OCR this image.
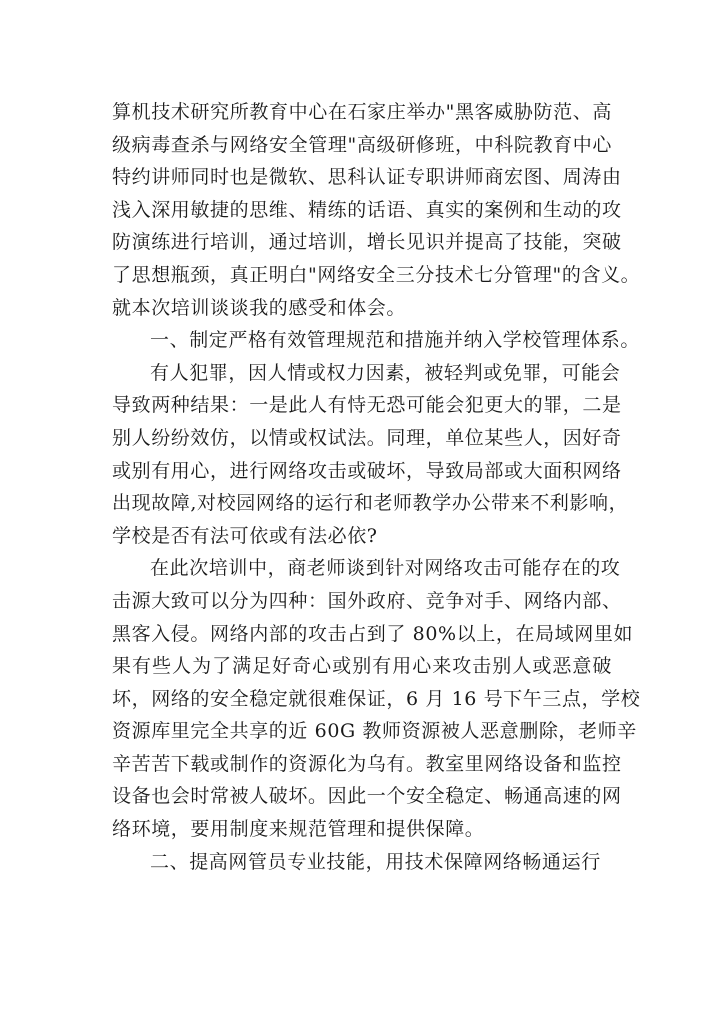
算机技术研究所教育中心在石家庄举办"黑客威胁防范、高
级病毒查杀与网络安全管理"高级研修班，中科院教育中心
特约讲师同时也是微软、思科认证专职讲师商宏图、周涛由
浅入深用敏捷的思维、精练的话语、真实的案例和生动的攻
防演练进行培训，通过培训，增长见识并提高了技能，突破
了思想瓶颈，真正明白"网络安全三分技术七分管理"的含义。
就本次培训谈谈我的感受和体会。
一、制定严格有效管理规范和措施并纳入学校管理体系。
有人犯罪，因人情或权力因素，被轻判或免罪，可能会
导致两种结果：一是此人有恃无恐可能会犯更大的罪，二是
别人纷纷效仿，以情或权试法。同理，单位某些人，因好奇
或别有用心，进行网络攻击或破坏，导致局部或大面积网络
出现故障,对校园网络的运行和老师教学办公带来不利影响，
学校是否有法可依或有法必依?
在此次培训中，商老师谈到针对网络攻击可能存在的攻
击源大致可以分为四种：国外政府、竞争对手、网络内部、
黑客入侵。网络内部的攻击占到了 80%以上，在局域网里如
果有些人为了满足好奇心或别有用心来攻击别人或恶意破
坏，网络的安全稳定就很难保证，6 月 16 号下午三点，学校
资源库里完全共享的近 60G 教师资源被人恶意删除，老师辛
辛苦苦下载或制作的资源化为乌有。教室里网络设备和监控
设备也会时常被人破坏。因此一个安全稳定、畅通高速的网
络环境，要用制度来规范管理和提供保障。
二、提高网管员专业技能，用技术保障网络畅通运行
